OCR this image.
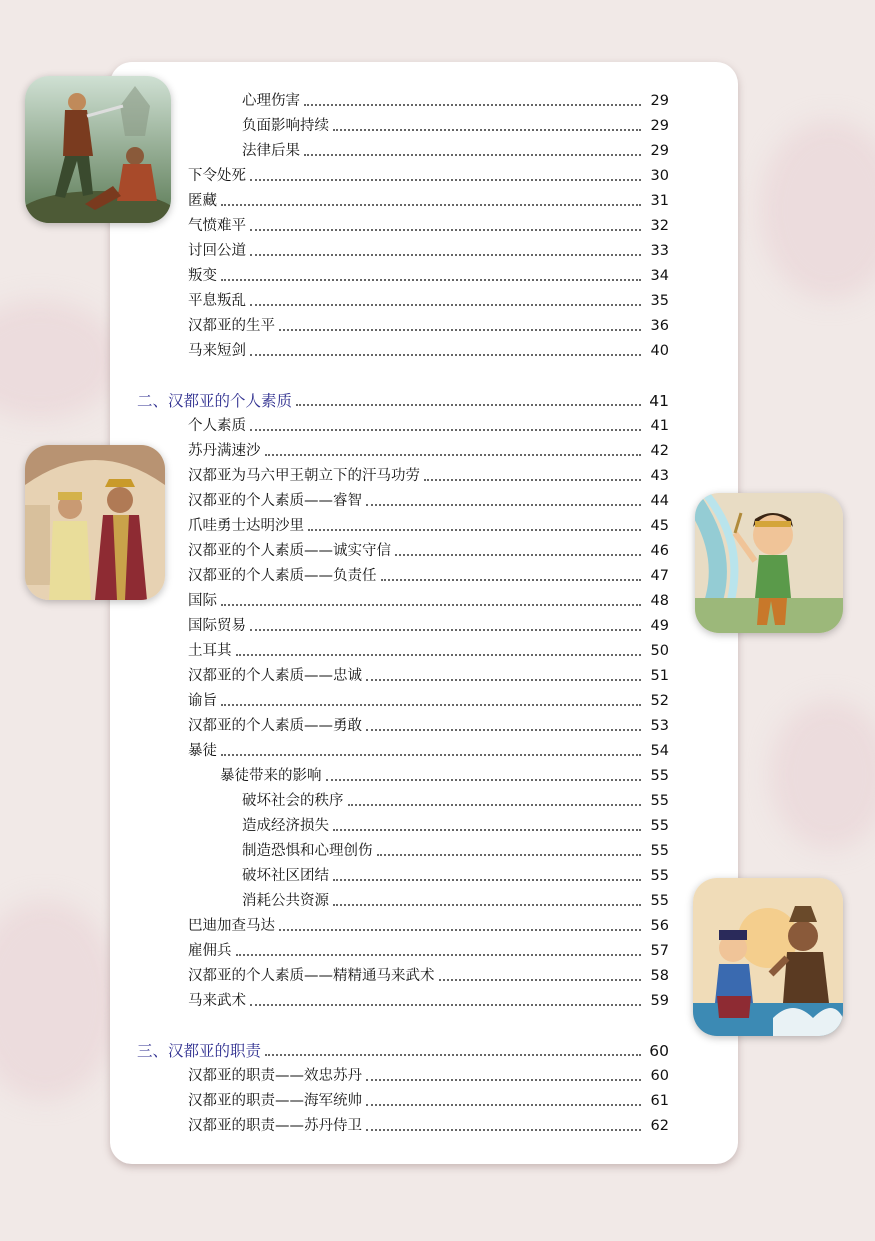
心理伤害	29
负面影响持续	29
法律后果	29
下令处死	30
匿藏	31
气愤难平	32
讨回公道	33
叛变	34
平息叛乱	35
汉都亚的生平	36
马来短剑	40
二、汉都亚的个人素质	41
个人素质	41
苏丹满速沙	42
汉都亚为马六甲王朝立下的汗马功劳	43
汉都亚的个人素质——睿智	44
爪哇勇士达明沙里	45
汉都亚的个人素质——诚实守信	46
汉都亚的个人素质——负责任	47
国际	48
国际贸易	49
土耳其	50
汉都亚的个人素质——忠诚	51
谕旨	52
汉都亚的个人素质——勇敢	53
暴徒	54
暴徒带来的影响	55
破坏社会的秩序	55
造成经济损失	55
制造恐惧和心理创伤	55
破坏社区团结	55
消耗公共资源	55
巴迪加查马达	56
雇佣兵	57
汉都亚的个人素质——精精通马来武术	58
马来武术	59
三、汉都亚的职责	60
汉都亚的职责——效忠苏丹	60
汉都亚的职责——海军统帅	61
汉都亚的职责——苏丹侍卫	62
